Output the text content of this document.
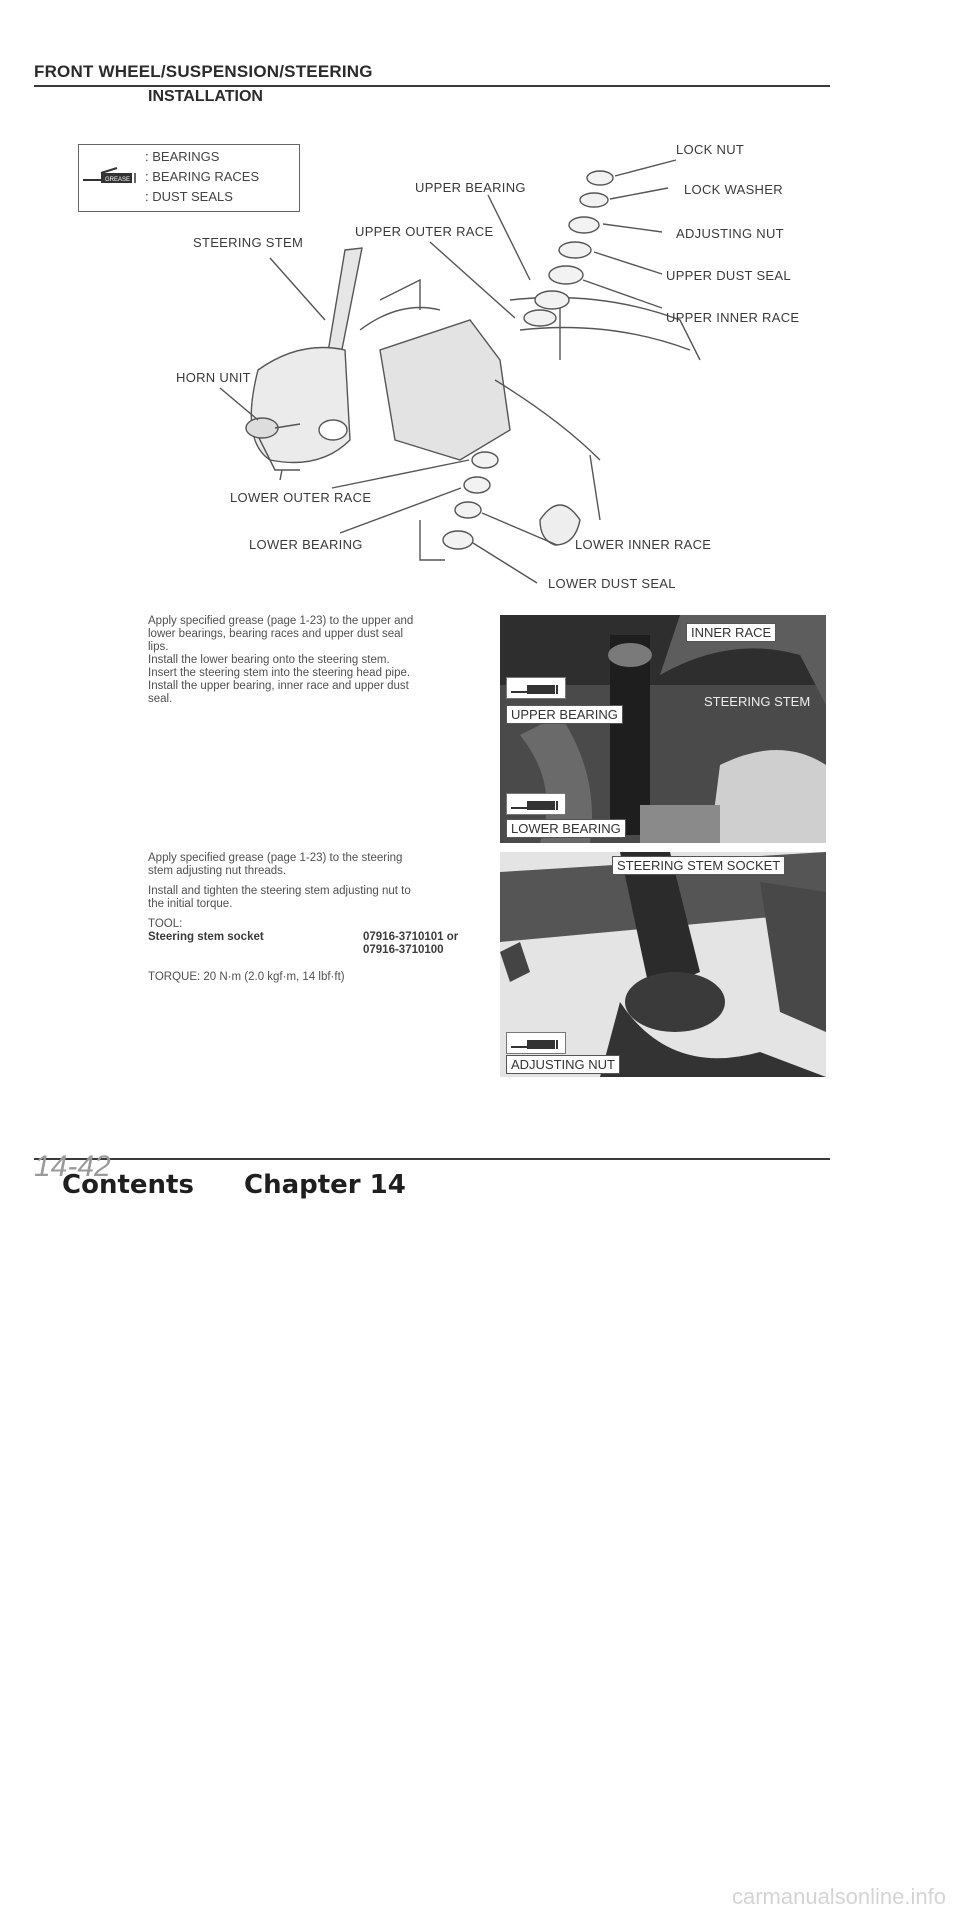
FRONT WHEEL/SUSPENSION/STEERING
INSTALLATION
GREASE
: BEARINGS
: BEARING RACES
: DUST SEALS
LOCK NUT
UPPER BEARING	LOCK WASHER
STEERING STEM
UPPER OUTER RACE	ADJUSTING NUT
UPPER DUST SEAL
UPPER INNER RACE
HORN UNIT
LOWER OUTER RACE
LOWER BEARING	LOWER INNER RACE
LOWER DUST SEAL
Apply specified grease (page 1-23) to the upper and
lower bearings, bearing races and upper dust seal
lips.
Install the lower bearing onto the steering stem.
Insert the steering stem into the steering head pipe.
Install the upper bearing, inner race and upper dust
seal.
INNER RACE
UPPER BEARING
STEERING STEM
LOWER BEARING
Apply specified grease (page 1-23) to the steering
stem adjusting nut threads.
Install and tighten the steering stem adjusting nut to
the initial torque.
TOOL:
Steering stem socket	07916-3710101 or
07916-3710100
TORQUE: 20 N·m (2.0 kgf·m, 14 lbf·ft)
STEERING STEM SOCKET
ADJUSTING NUT
14-42
Contents Chapter 14
carmanualsonline.info
